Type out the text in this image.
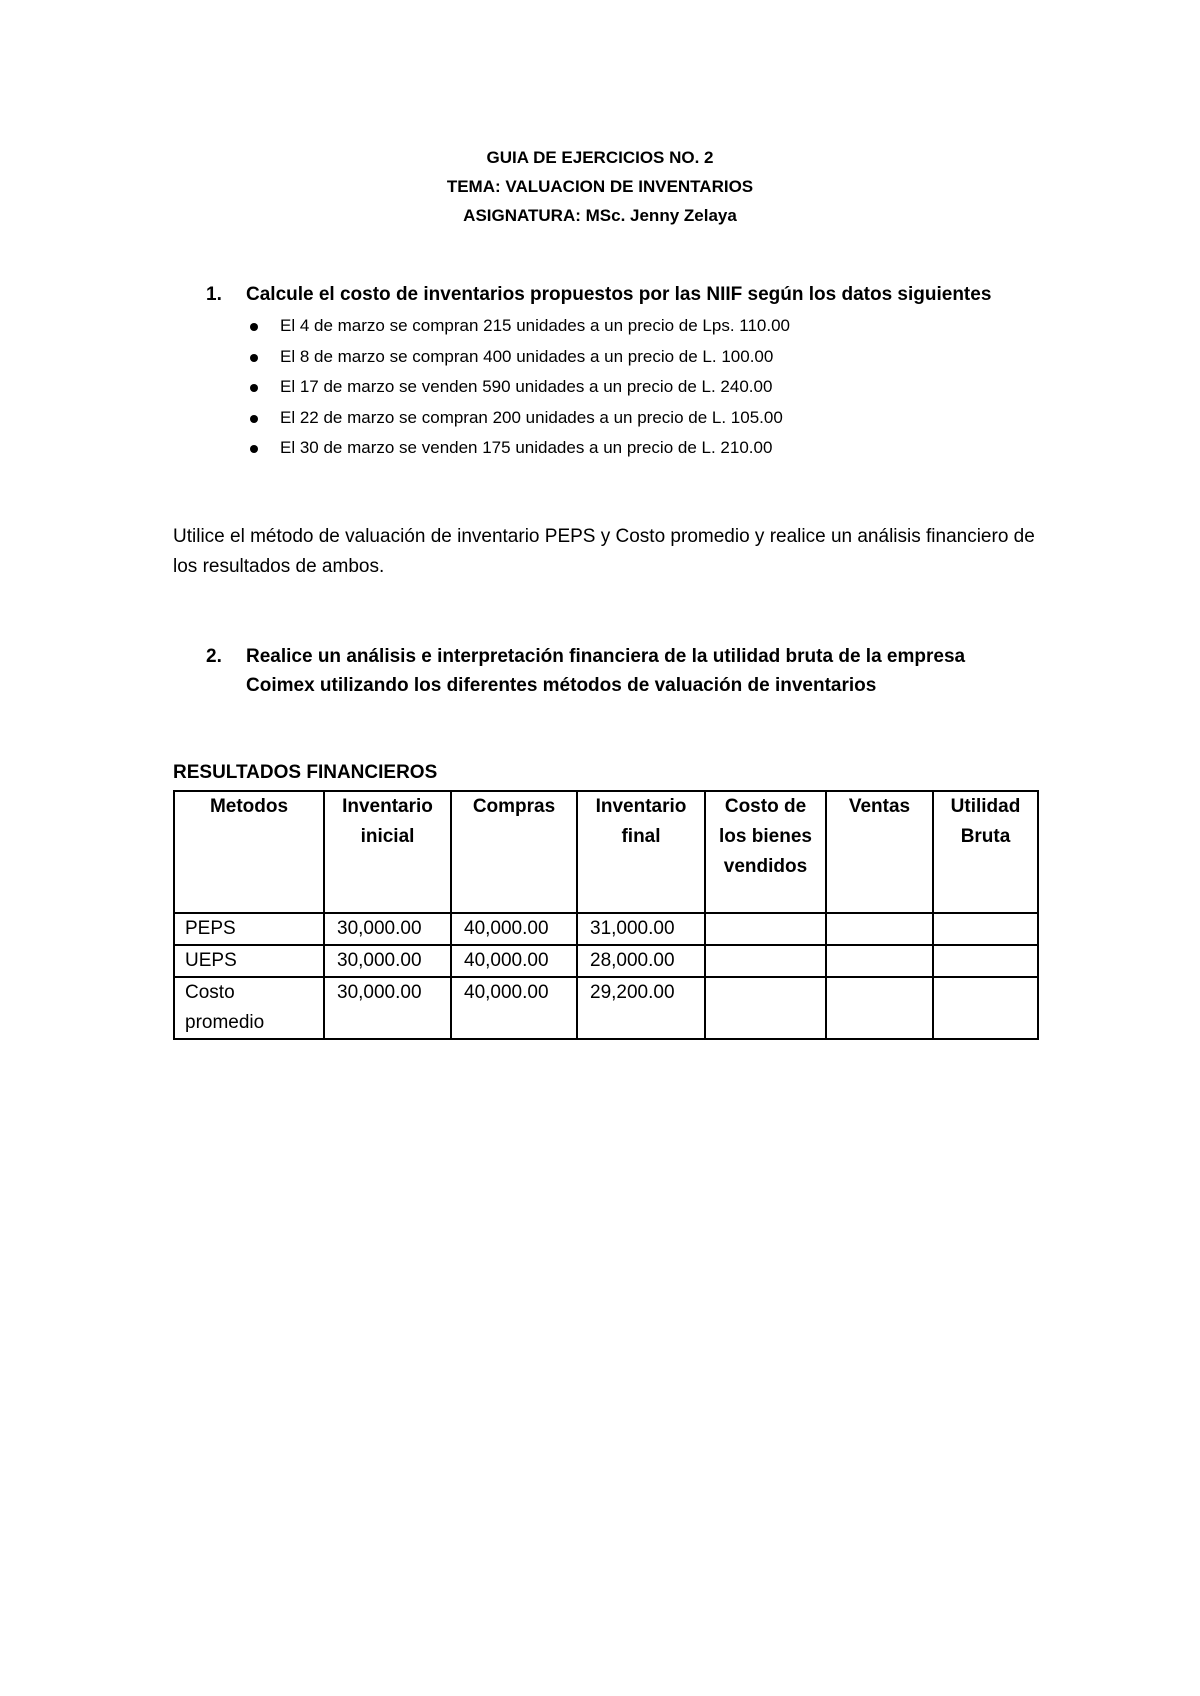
GUIA DE EJERCICIOS NO. 2
TEMA: VALUACION DE INVENTARIOS
ASIGNATURA: MSc. Jenny Zelaya
1. Calcule el costo de inventarios propuestos por las NIIF según los datos siguientes
El 4 de marzo se compran 215 unidades a un precio de Lps. 110.00
El 8 de marzo se compran 400 unidades a un precio de L. 100.00
El 17 de marzo se venden 590 unidades a un precio de L. 240.00
El 22 de marzo se compran 200 unidades a un precio de L. 105.00
El 30 de marzo se venden 175 unidades a un precio de L. 210.00
Utilice el método de valuación de inventario PEPS y Costo promedio y realice un análisis financiero de los resultados de ambos.
2. Realice un análisis e interpretación financiera de la utilidad bruta de la empresa Coimex utilizando los diferentes métodos de valuación de inventarios
RESULTADOS FINANCIEROS
Metodos	Inventario inicial	Compras	Inventario final	Costo de los bienes vendidos	Ventas	Utilidad Bruta
PEPS	30,000.00	40,000.00	31,000.00			
UEPS	30,000.00	40,000.00	28,000.00			
Costo promedio	30,000.00	40,000.00	29,200.00			
